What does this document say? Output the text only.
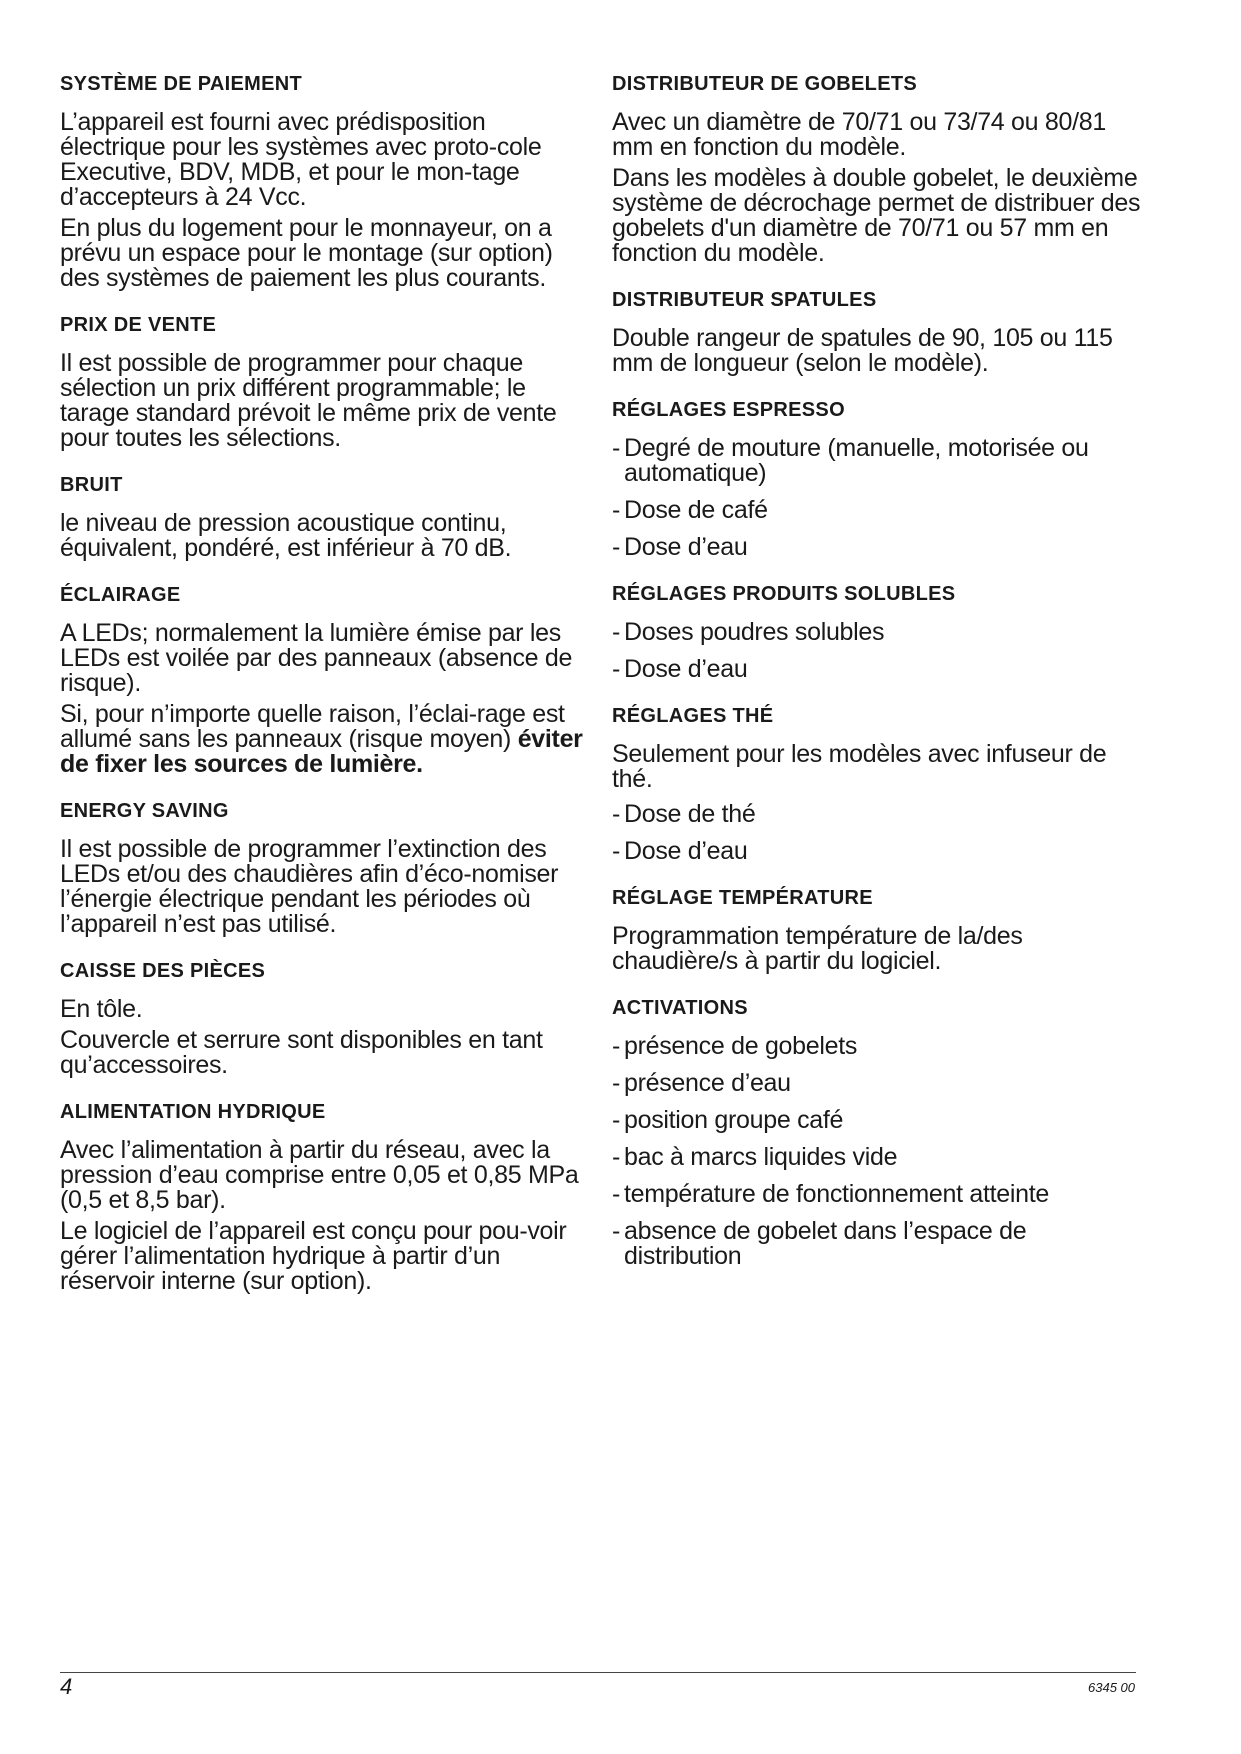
SYSTÈME DE PAIEMENT

L’appareil est fourni avec prédisposition électrique pour les systèmes avec proto-cole Executive, BDV, MDB, et pour le mon-tage d’accepteurs à 24 Vcc.

En plus du logement pour le monnayeur, on a prévu un espace pour le montage (sur option) des systèmes de paiement les plus courants.

PRIX DE VENTE

Il est possible de programmer pour chaque sélection un prix différent programmable; le tarage standard prévoit le même prix de vente pour toutes les sélections.

BRUIT

le niveau de pression acoustique continu, équivalent, pondéré, est inférieur à 70 dB.

ÉCLAIRAGE

A LEDs; normalement la lumière émise par les LEDs est voilée par des panneaux (absence de risque).

Si, pour n’importe quelle raison, l’éclai-rage est allumé sans les panneaux (risque moyen) éviter de fixer les sources de lumière.

ENERGY SAVING

Il est possible de programmer l’extinction des LEDs et/ou des chaudières afin d’éco-nomiser l’énergie électrique pendant les périodes où l’appareil n’est pas utilisé.

CAISSE DES PIÈCES

En tôle.

Couvercle et serrure sont disponibles en tant qu’accessoires.

ALIMENTATION HYDRIQUE

Avec l’alimentation à partir du réseau, avec la pression d’eau comprise entre 0,05 et 0,85 MPa (0,5 et 8,5 bar).

Le logiciel de l’appareil est conçu pour pou-voir gérer l’alimentation hydrique à partir d’un réservoir interne (sur option).

DISTRIBUTEUR DE GOBELETS

Avec un diamètre de 70/71 ou 73/74 ou 80/81 mm en fonction du modèle.

Dans les modèles à double gobelet, le deuxième système de décrochage permet de distribuer des gobelets d'un diamètre de 70/71 ou 57 mm en fonction du modèle.

DISTRIBUTEUR SPATULES

Double rangeur de spatules de 90, 105 ou 115 mm de longueur (selon le modèle).

RÉGLAGES ESPRESSO
- Degré de mouture (manuelle, motorisée ou automatique)
- Dose de café
- Dose d’eau
RÉGLAGES PRODUITS SOLUBLES
- Doses poudres solubles
- Dose d’eau
RÉGLAGES THÉ

Seulement pour les modèles avec infuseur de thé.

- Dose de thé
- Dose d’eau
RÉGLAGE TEMPÉRATURE

Programmation température de la/des chaudière/s à partir du logiciel.

ACTIVATIONS
- présence de gobelets
- présence d’eau
- position groupe café
- bac à marcs liquides vide
- température de fonctionnement atteinte
- absence de gobelet dans l’espace de distribution
4	6345 00
